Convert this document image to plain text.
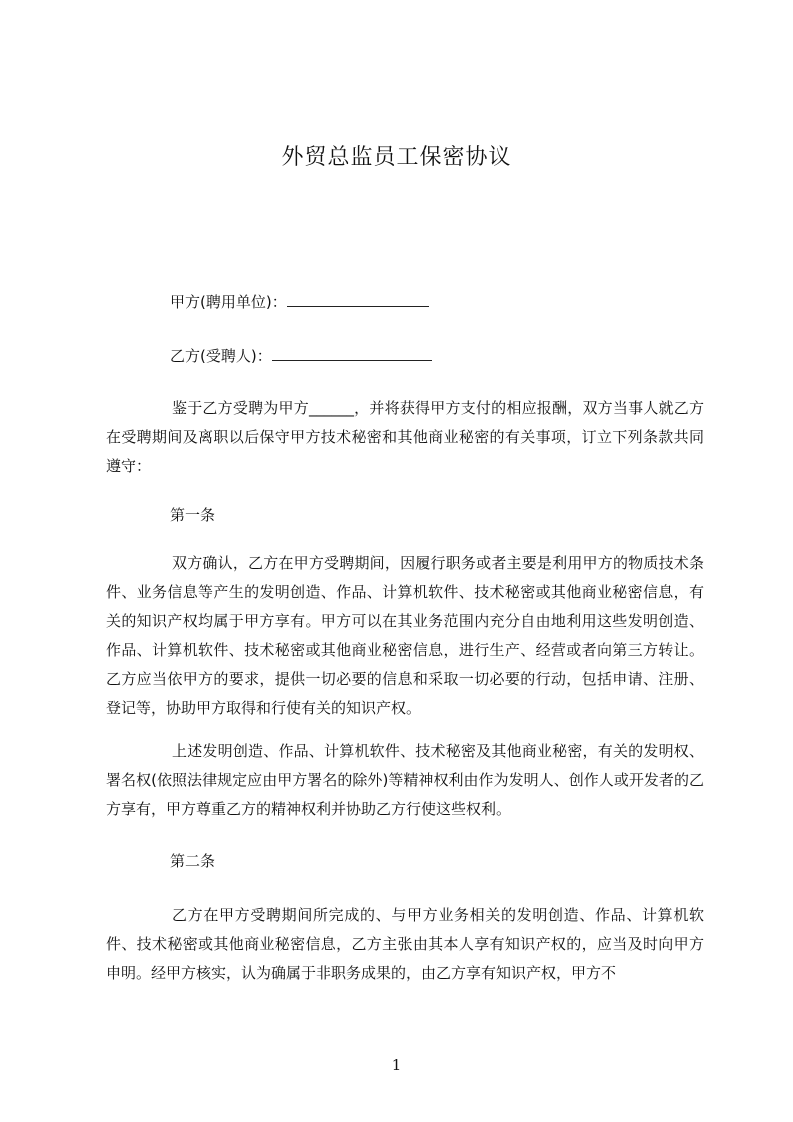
外贸总监员工保密协议
甲方(聘用单位)：
乙方(受聘人)：
鉴于乙方受聘为甲方______，并将获得甲方支付的相应报酬，双方当事人就乙方在受聘期间及离职以后保守甲方技术秘密和其他商业秘密的有关事项，订立下列条款共同遵守：
第一条
双方确认，乙方在甲方受聘期间，因履行职务或者主要是利用甲方的物质技术条件、业务信息等产生的发明创造、作品、计算机软件、技术秘密或其他商业秘密信息，有关的知识产权均属于甲方享有。甲方可以在其业务范围内充分自由地利用这些发明创造、作品、计算机软件、技术秘密或其他商业秘密信息，进行生产、经营或者向第三方转让。乙方应当依甲方的要求，提供一切必要的信息和采取一切必要的行动，包括申请、注册、登记等，协助甲方取得和行使有关的知识产权。
上述发明创造、作品、计算机软件、技术秘密及其他商业秘密，有关的发明权、署名权(依照法律规定应由甲方署名的除外)等精神权利由作为发明人、创作人或开发者的乙方享有，甲方尊重乙方的精神权利并协助乙方行使这些权利。
第二条
乙方在甲方受聘期间所完成的、与甲方业务相关的发明创造、作品、计算机软件、技术秘密或其他商业秘密信息，乙方主张由其本人享有知识产权的，应当及时向甲方申明。经甲方核实，认为确属于非职务成果的，由乙方享有知识产权，甲方不
1
